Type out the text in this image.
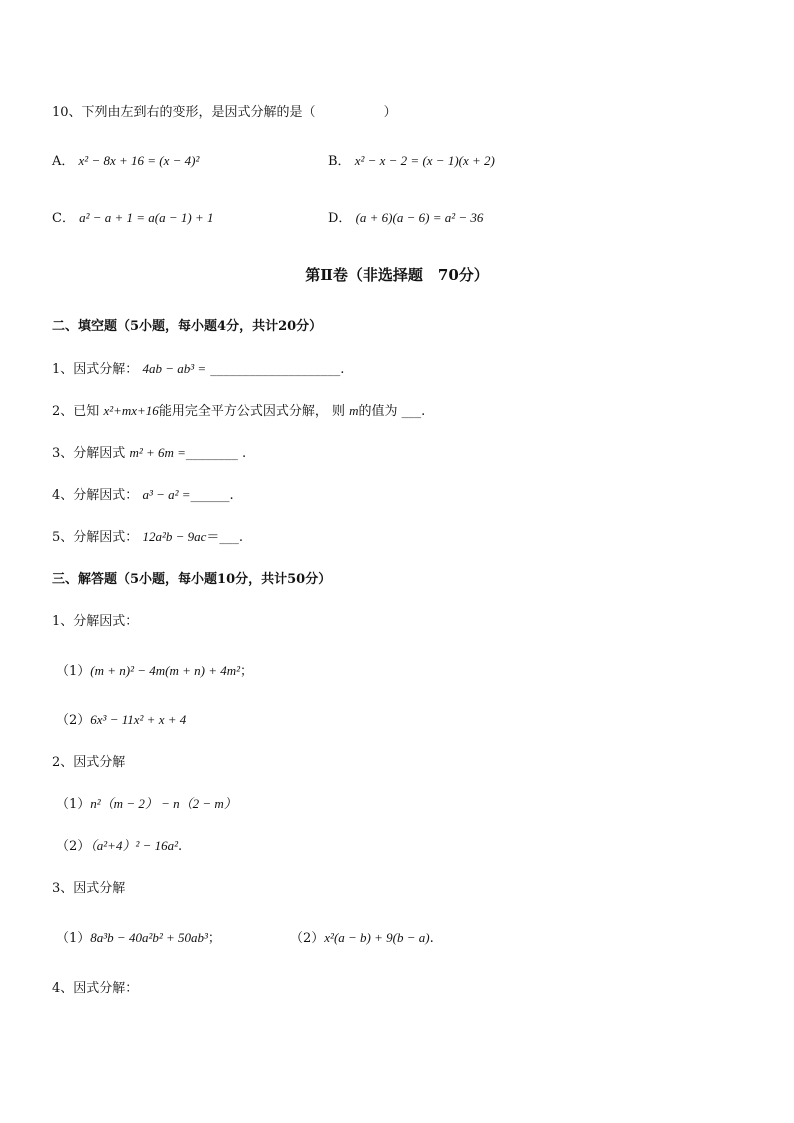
10、下列由左到右的变形，是因式分解的是（	）
A． x² − 8x + 16 = (x − 4)²	B． x² − x − 2 = (x − 1)(x + 2)
C． a² − a + 1 = a(a − 1) + 1	D． (a + 6)(a − 6) = a² − 36
第Ⅱ卷（非选择题　70分）
二、填空题（5小题，每小题4分，共计20分）
1、因式分解： 4ab − ab³ = ____________________.
2、已知 x²+mx+16能用完全平方公式因式分解， 则 m的值为 ___.
3、分解因式 m² + 6m =________ .
4、分解因式： a³ − a² =______.
5、分解因式： 12a²b − 9ac＝___.
三、解答题（5小题，每小题10分，共计50分）
1、分解因式：
（1）(m + n)² − 4m(m + n) + 4m²；
（2）6x³ − 11x² + x + 4
2、因式分解
（1）n²（m − 2） − n（2 − m）
（2）（a²+4）² − 16a².
3、因式分解
（1）8a³b − 40a²b² + 50ab³；	（2）x²(a − b) + 9(b − a).
4、因式分解：
